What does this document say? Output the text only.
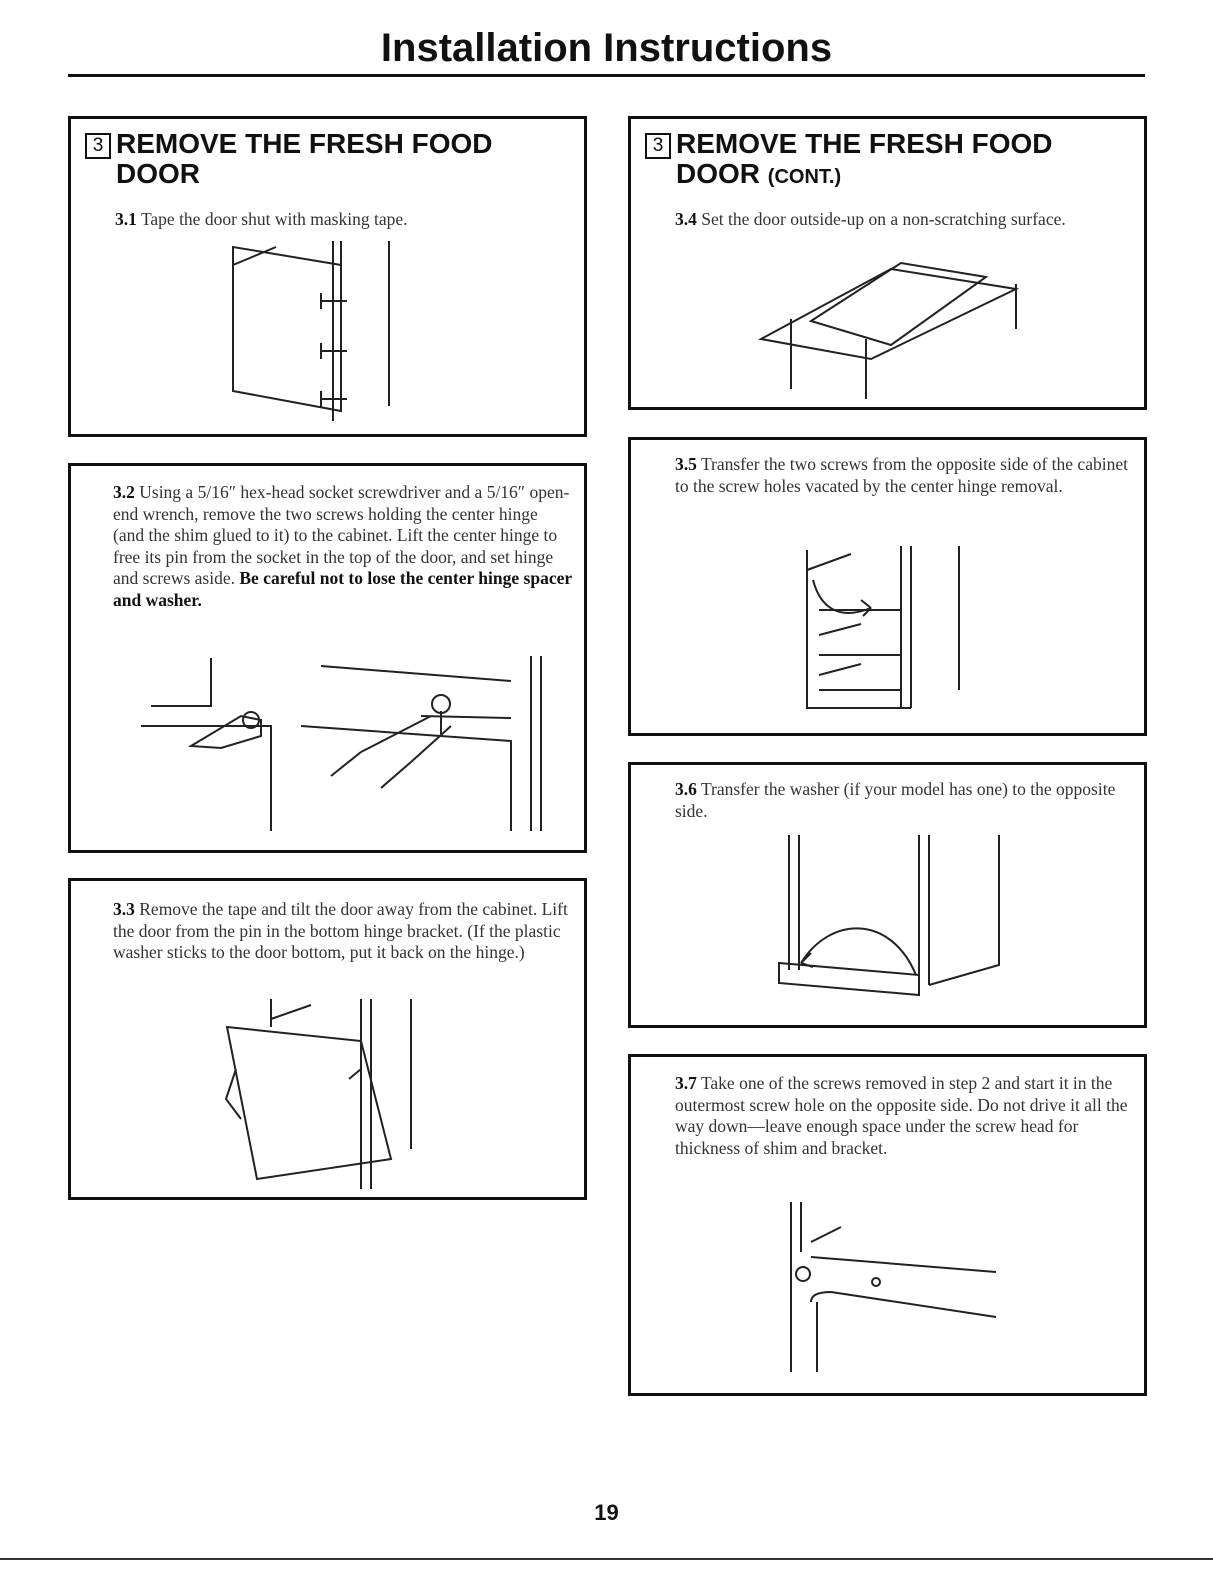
Installation Instructions
3 REMOVE THE FRESH FOOD
DOOR
3.1 Tape the door shut with masking tape.
3.2 Using a 5/16″ hex-head socket screwdriver and a 5/16″ open-end wrench, remove the two screws holding the center hinge (and the shim glued to it) to the cabinet. Lift the center hinge to free its pin from the socket in the top of the door, and set hinge and screws aside. Be careful not to lose the center hinge spacer and washer.
3.3 Remove the tape and tilt the door away from the cabinet. Lift the door from the pin in the bottom hinge bracket. (If the plastic washer sticks to the door bottom, put it back on the hinge.)
3 REMOVE THE FRESH FOOD
DOOR (CONT.)
3.4 Set the door outside-up on a non-scratching surface.
3.5 Transfer the two screws from the opposite side of the cabinet to the screw holes vacated by the center hinge removal.
3.6 Transfer the washer (if your model has one) to the opposite side.
3.7 Take one of the screws removed in step 2 and start it in the outermost screw hole on the opposite side. Do not drive it all the way down—leave enough space under the screw head for thickness of shim and bracket.
19
